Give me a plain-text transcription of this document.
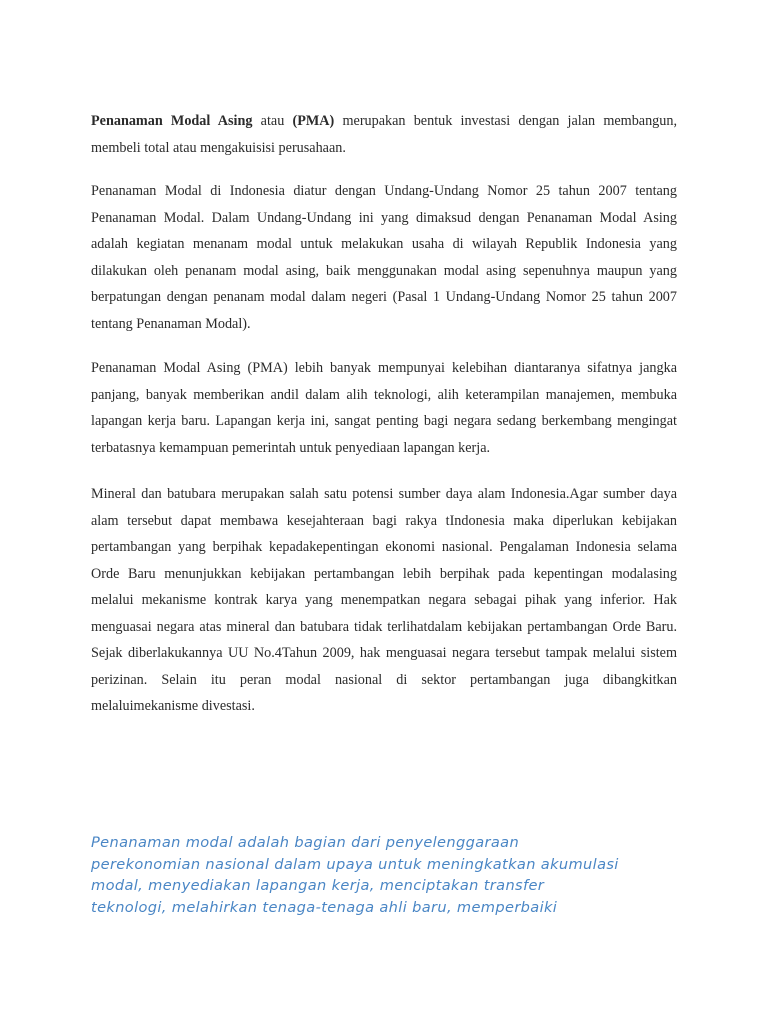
Penanaman Modal Asing atau (PMA) merupakan bentuk investasi dengan jalan membangun, membeli total atau mengakuisisi perusahaan.

Penanaman Modal di Indonesia diatur dengan Undang-Undang Nomor 25 tahun 2007 tentang Penanaman Modal. Dalam Undang-Undang ini yang dimaksud dengan Penanaman Modal Asing adalah kegiatan menanam modal untuk melakukan usaha di wilayah Republik Indonesia yang dilakukan oleh penanam modal asing, baik menggunakan modal asing sepenuhnya maupun yang berpatungan dengan penanam modal dalam negeri (Pasal 1 Undang-Undang Nomor 25 tahun 2007 tentang Penanaman Modal).

Penanaman Modal Asing (PMA) lebih banyak mempunyai kelebihan diantaranya sifatnya jangka panjang, banyak memberikan andil dalam alih teknologi, alih keterampilan manajemen, membuka lapangan kerja baru. Lapangan kerja ini, sangat penting bagi negara sedang berkembang mengingat terbatasnya kemampuan pemerintah untuk penyediaan lapangan kerja.

Mineral dan batubara merupakan salah satu potensi sumber daya alam Indonesia.Agar sumber daya alam tersebut dapat membawa kesejahteraan bagi rakya tIndonesia maka diperlukan kebijakan pertambangan yang berpihak kepadakepentingan ekonomi nasional. Pengalaman Indonesia selama Orde Baru menunjukkan kebijakan pertambangan lebih berpihak pada kepentingan modalasing melalui mekanisme kontrak karya yang menempatkan negara sebagai pihak yang inferior. Hak menguasai negara atas mineral dan batubara tidak terlihatdalam kebijakan pertambangan Orde Baru. Sejak diberlakukannya UU No.4Tahun 2009, hak menguasai negara tersebut tampak melalui sistem perizinan. Selain itu peran modal nasional di sektor pertambangan juga dibangkitkan melaluimekanisme divestasi.

Penanaman modal adalah bagian dari penyelenggaraan

perekonomian nasional dalam upaya untuk meningkatkan akumulasi

modal, menyediakan lapangan kerja, menciptakan transfer

teknologi, melahirkan tenaga-tenaga ahli baru, memperbaiki
